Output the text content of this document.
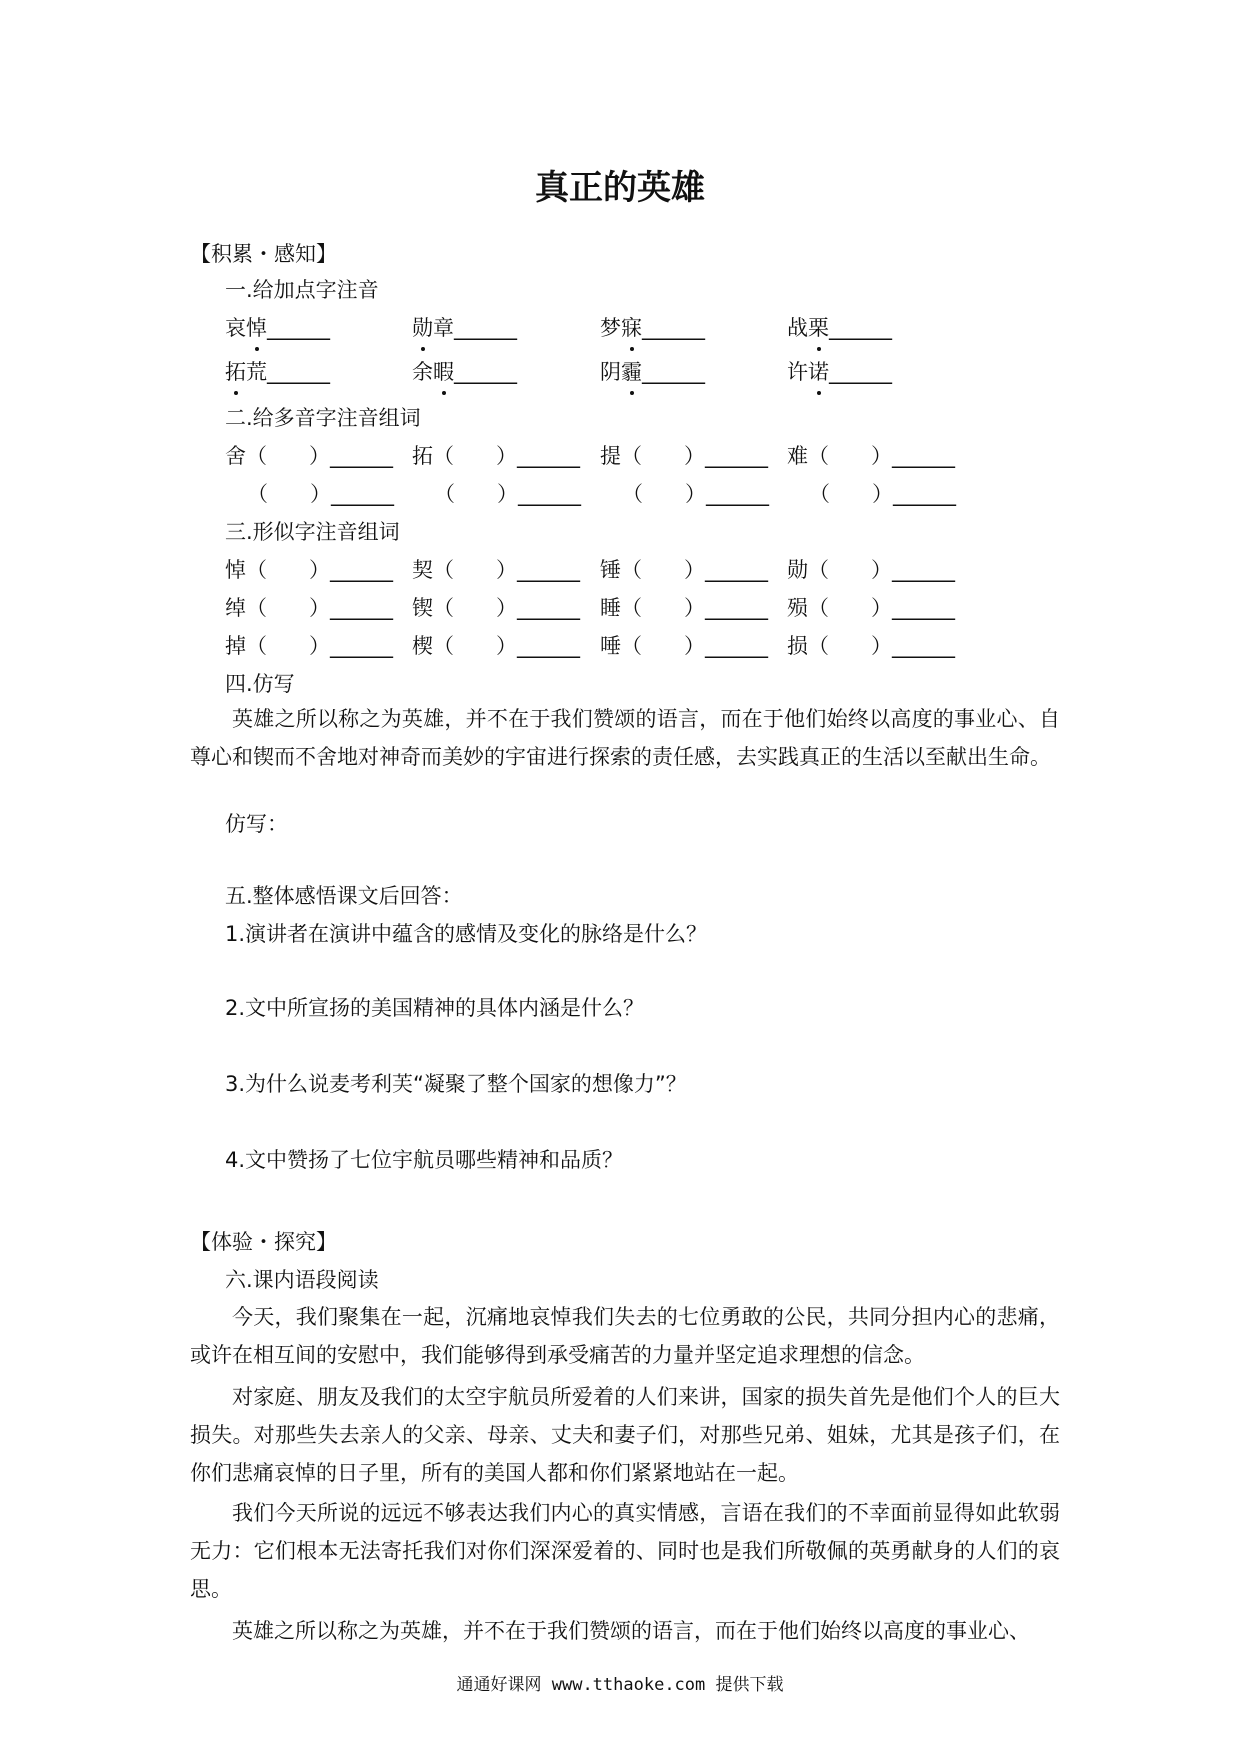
真正的英雄
【积累・感知】
一.给加点字注音
哀悼______	勋章______	梦寐______	战栗______
拓荒______	余暇______	阴霾______	许诺______
二.给多音字注音组词
舍（　　）______ 拓（　　）______ 提（　　）______ 难（　　）______
（　　）______ （　　）______ （　　）______ （　　）______
三.形似字注音组词
悼（　　）______ 契（　　）______ 锤（　　）______ 勋（　　）______
绰（　　）______ 锲（　　）______ 睡（　　）______ 殒（　　）______
掉（　　）______ 楔（　　）______ 唾（　　）______ 损（　　）______
四.仿写
英雄之所以称之为英雄，并不在于我们赞颂的语言，而在于他们始终以高度的事业心、自尊心和锲而不舍地对神奇而美妙的宇宙进行探索的责任感，去实践真正的生活以至献出生命。
仿写：
五.整体感悟课文后回答：
1.演讲者在演讲中蕴含的感情及变化的脉络是什么？
2.文中所宣扬的美国精神的具体内涵是什么？
3.为什么说麦考利芙“凝聚了整个国家的想像力”？
4.文中赞扬了七位宇航员哪些精神和品质？
【体验・探究】
六.课内语段阅读
今天，我们聚集在一起，沉痛地哀悼我们失去的七位勇敢的公民，共同分担内心的悲痛，或许在相互间的安慰中，我们能够得到承受痛苦的力量并坚定追求理想的信念。
对家庭、朋友及我们的太空宇航员所爱着的人们来讲，国家的损失首先是他们个人的巨大损失。对那些失去亲人的父亲、母亲、丈夫和妻子们，对那些兄弟、姐妹，尤其是孩子们，在你们悲痛哀悼的日子里，所有的美国人都和你们紧紧地站在一起。
我们今天所说的远远不够表达我们内心的真实情感，言语在我们的不幸面前显得如此软弱无力：它们根本无法寄托我们对你们深深爱着的、同时也是我们所敬佩的英勇献身的人们的哀思。
英雄之所以称之为英雄，并不在于我们赞颂的语言，而在于他们始终以高度的事业心、
通通好课网 www.tthaoke.com 提供下载
